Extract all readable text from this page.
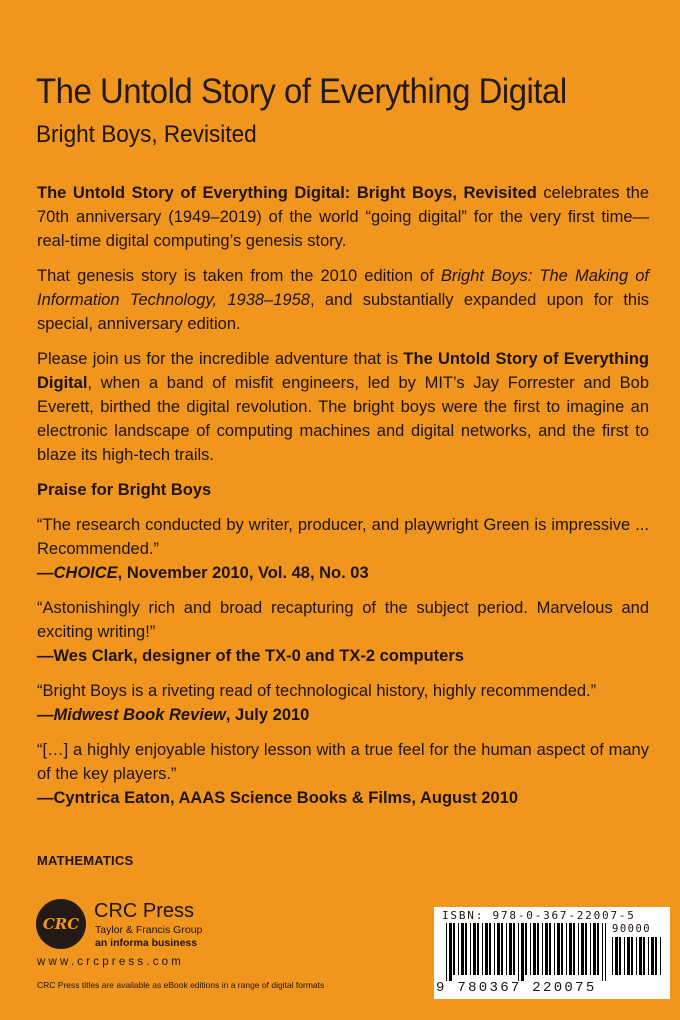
The Untold Story of Everything Digital
Bright Boys, Revisited

The Untold Story of Everything Digital: Bright Boys, Revisited celebrates the 70th anniversary (1949–2019) of the world “going digital” for the very first time—real-time digital computing’s genesis story.

That genesis story is taken from the 2010 edition of Bright Boys: The Making of Information Technology, 1938–1958, and substantially expanded upon for this special, anniversary edition.

Please join us for the incredible adventure that is The Untold Story of Everything Digital, when a band of misfit engineers, led by MIT’s Jay Forrester and Bob Everett, birthed the digital revolution. The bright boys were the first to imagine an electronic landscape of computing machines and digital networks, and the first to blaze its high-tech trails.

Praise for Bright Boys

“The research conducted by writer, producer, and playwright Green is impressive ... Recommended.”
—CHOICE, November 2010, Vol. 48, No. 03
“Astonishingly rich and broad recapturing of the subject period. Marvelous and exciting writing!”
—Wes Clark, designer of the TX-0 and TX-2 computers
“Bright Boys is a riveting read of technological history, highly recommended.”
—Midwest Book Review, July 2010
“[…] a highly enjoyable history lesson with a true feel for the human aspect of many of the key players.”
—Cyntrica Eaton, AAAS Science Books & Films, August 2010
MATHEMATICS
CRC
CRC Press
Taylor & Francis Group
an informa business
www.crcpress.com
CRC Press titles are available as eBook editions in a range of digital formats
ISBN: 978-0-367-22007-5
90000
9 780367 220075
